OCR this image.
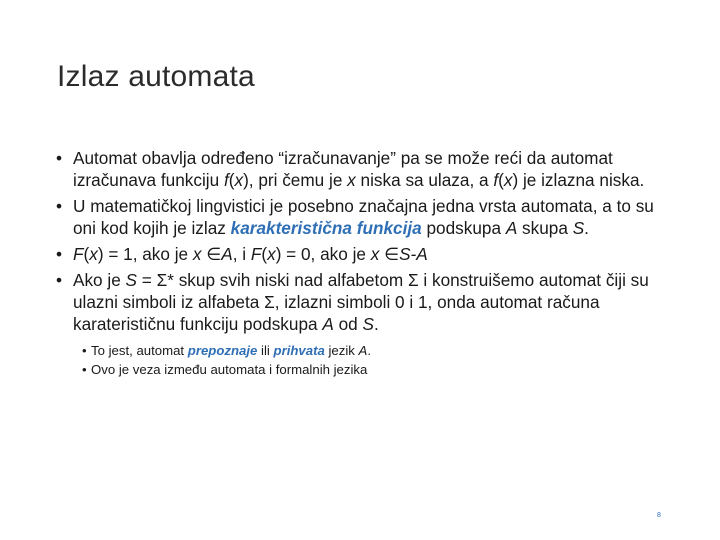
Izlaz automata
• Automat obavlja određeno “izračunavanje” pa se može reći da automat izračunava funkciju f(x), pri čemu je x niska sa ulaza, a f(x) je izlazna niska.
• U matematičkoj lingvistici je posebno značajna jedna vrsta automata, a to su oni kod kojih je izlaz karakteristična funkcija podskupa A skupa S.
• F(x) = 1, ako je x ∈A, i F(x) = 0, ako je x ∈S-A
• Ako je S = Σ* skup svih niski nad alfabetom Σ i konstruišemo automat čiji su ulazni simboli iz alfabeta Σ, izlazni simboli 0 i 1, onda automat računa karaterističnu funkciju podskupa A od S.
• To jest, automat prepoznaje ili prihvata jezik A.
• Ovo je veza između automata i formalnih jezika
8
